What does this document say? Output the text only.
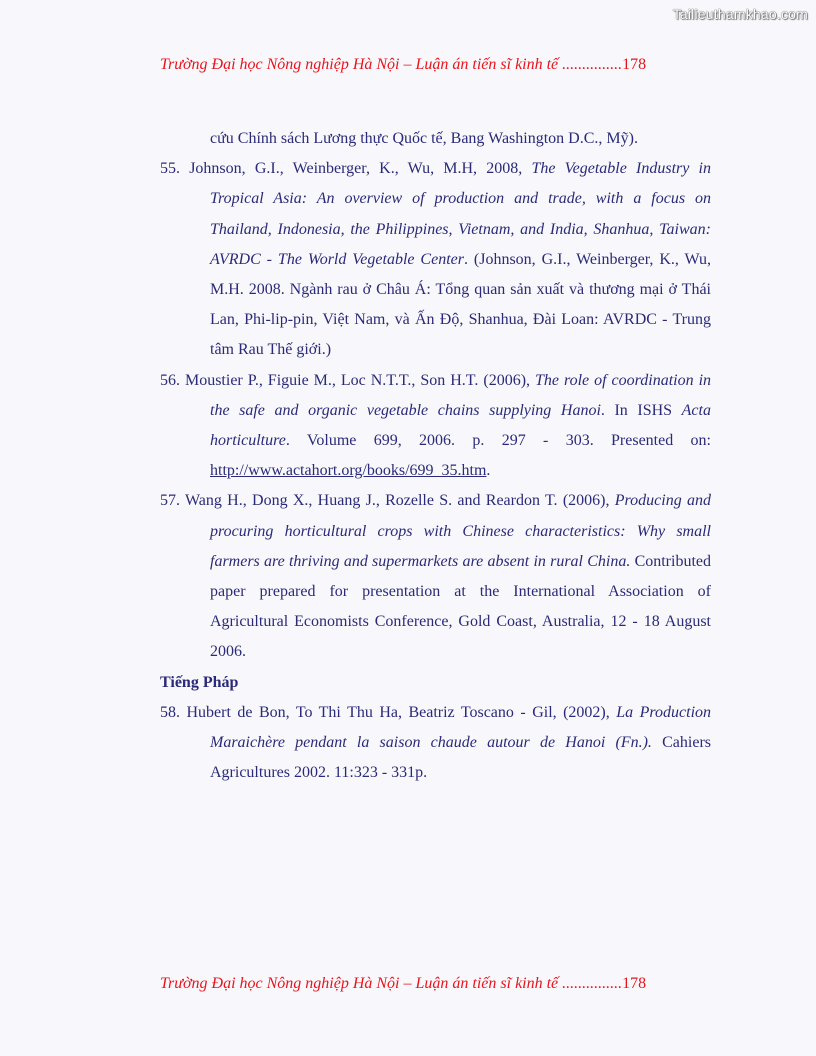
Tailieuthamkhao.com
Trường Đại học Nông nghiệp Hà Nội – Luận án tiến sĩ kinh tế ...............178
cứu Chính sách Lương thực Quốc tế, Bang Washington D.C., Mỹ).
55. Johnson, G.I., Weinberger, K., Wu, M.H, 2008, The Vegetable Industry in Tropical Asia: An overview of production and trade, with a focus on Thailand, Indonesia, the Philippines, Vietnam, and India, Shanhua, Taiwan: AVRDC - The World Vegetable Center. (Johnson, G.I., Weinberger, K., Wu, M.H. 2008. Ngành rau ở Châu Á: Tổng quan sản xuất và thương mại ở Thái Lan, Phi-lip-pin, Việt Nam, và Ấn Độ, Shanhua, Đài Loan: AVRDC - Trung tâm Rau Thế giới.)
56. Moustier P., Figuie M., Loc N.T.T., Son H.T. (2006), The role of coordination in the safe and organic vegetable chains supplying Hanoi. In ISHS Acta horticulture. Volume 699, 2006. p. 297 - 303. Presented on: http://www.actahort.org/books/699_35.htm.
57. Wang H., Dong X., Huang J., Rozelle S. and Reardon T. (2006), Producing and procuring horticultural crops with Chinese characteristics: Why small farmers are thriving and supermarkets are absent in rural China. Contributed paper prepared for presentation at the International Association of Agricultural Economists Conference, Gold Coast, Australia, 12 - 18 August 2006.
Tiếng Pháp
58. Hubert de Bon, To Thi Thu Ha, Beatriz Toscano - Gil, (2002), La Production Maraichère pendant la saison chaude autour de Hanoi (Fn.). Cahiers Agricultures 2002. 11:323 - 331p.
Trường Đại học Nông nghiệp Hà Nội – Luận án tiến sĩ kinh tế ...............178
